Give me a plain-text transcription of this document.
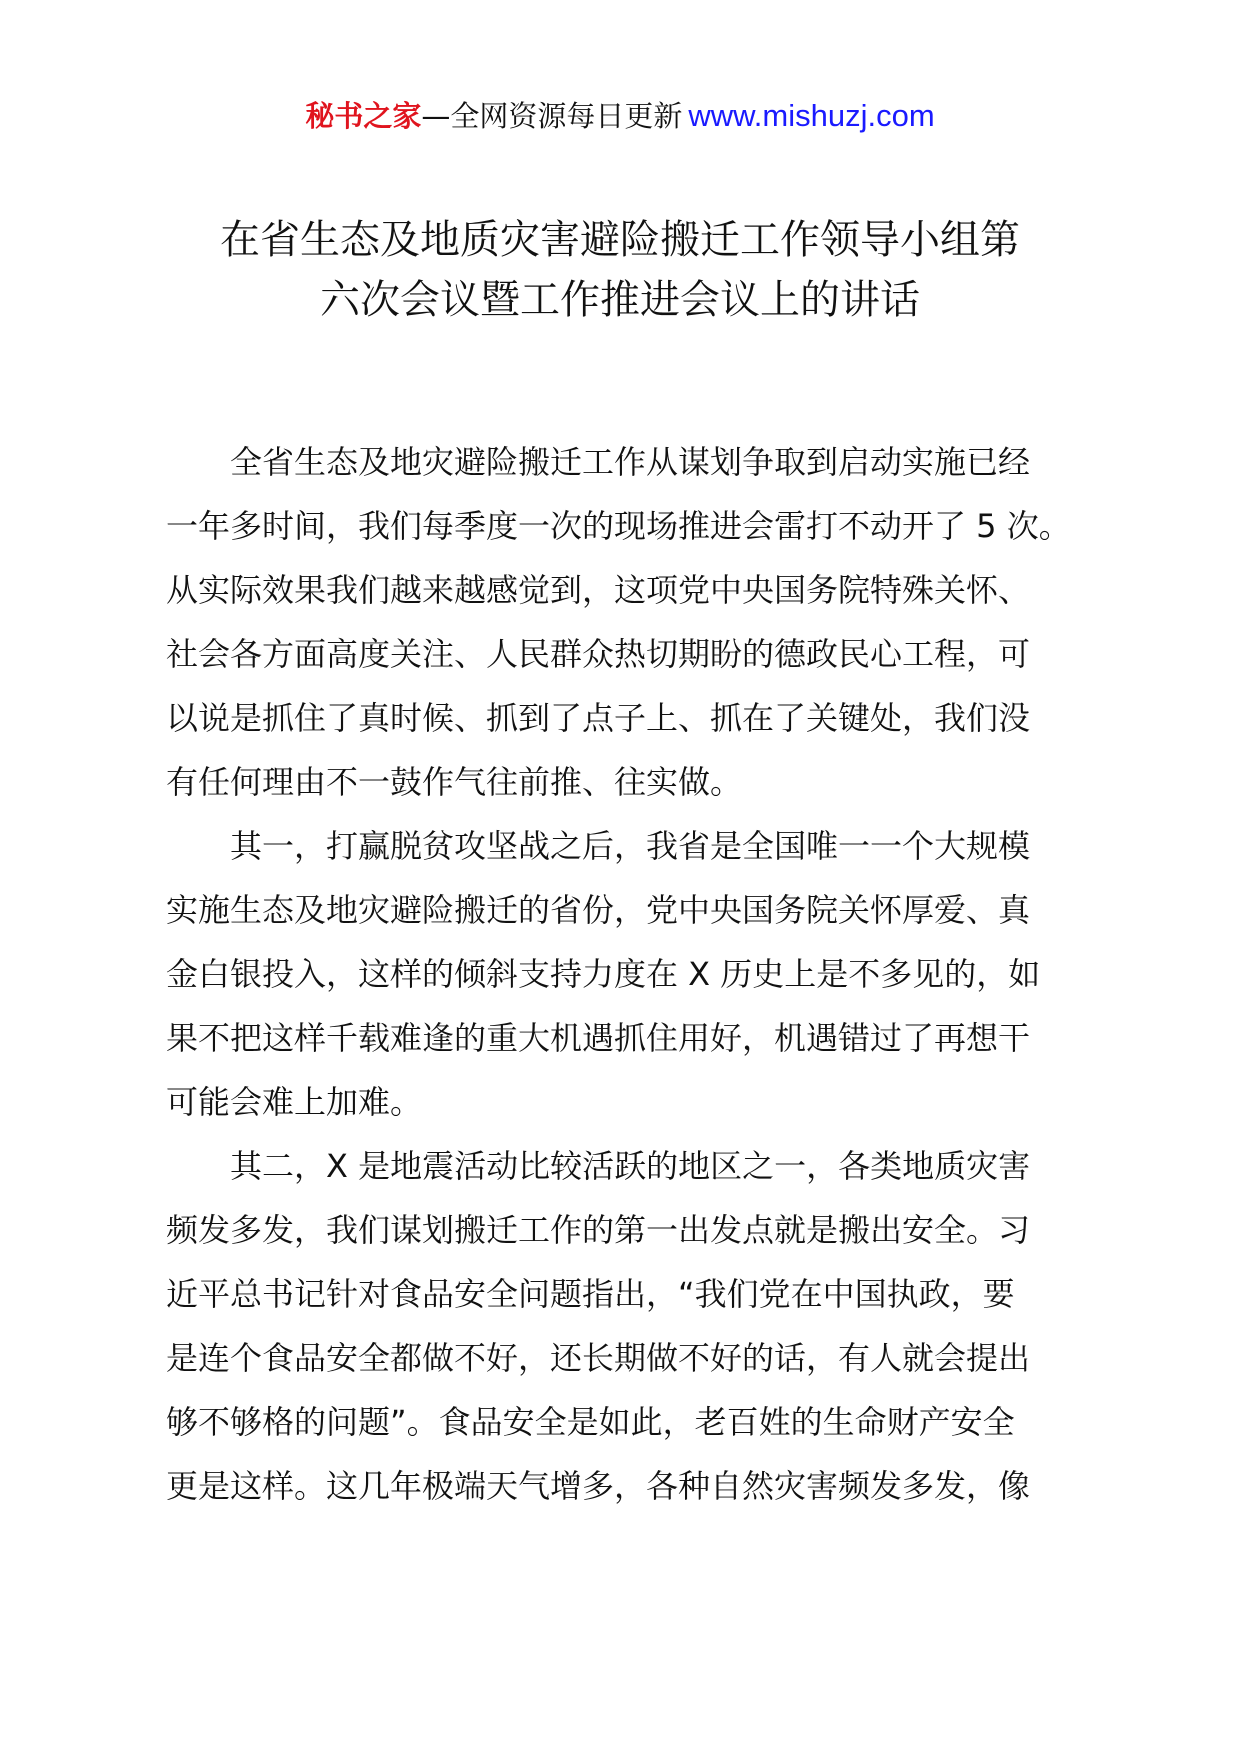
秘书之家—全网资源每日更新 www.mishuzj.com
在省生态及地质灾害避险搬迁工作领导小组第
六次会议暨工作推进会议上的讲话

全省生态及地灾避险搬迁工作从谋划争取到启动实施已经
一年多时间，我们每季度一次的现场推进会雷打不动开了 5 次。
从实际效果我们越来越感觉到，这项党中央国务院特殊关怀、
社会各方面高度关注、人民群众热切期盼的德政民心工程，可
以说是抓住了真时候、抓到了点子上、抓在了关键处，我们没
有任何理由不一鼓作气往前推、往实做。

其一，打赢脱贫攻坚战之后，我省是全国唯一一个大规模
实施生态及地灾避险搬迁的省份，党中央国务院关怀厚爱、真
金白银投入，这样的倾斜支持力度在 X 历史上是不多见的，如
果不把这样千载难逢的重大机遇抓住用好，机遇错过了再想干
可能会难上加难。

其二，X 是地震活动比较活跃的地区之一，各类地质灾害
频发多发，我们谋划搬迁工作的第一出发点就是搬出安全。习
近平总书记针对食品安全问题指出，“我们党在中国执政，要
是连个食品安全都做不好，还长期做不好的话，有人就会提出
够不够格的问题”。食品安全是如此，老百姓的生命财产安全
更是这样。这几年极端天气增多，各种自然灾害频发多发，像
